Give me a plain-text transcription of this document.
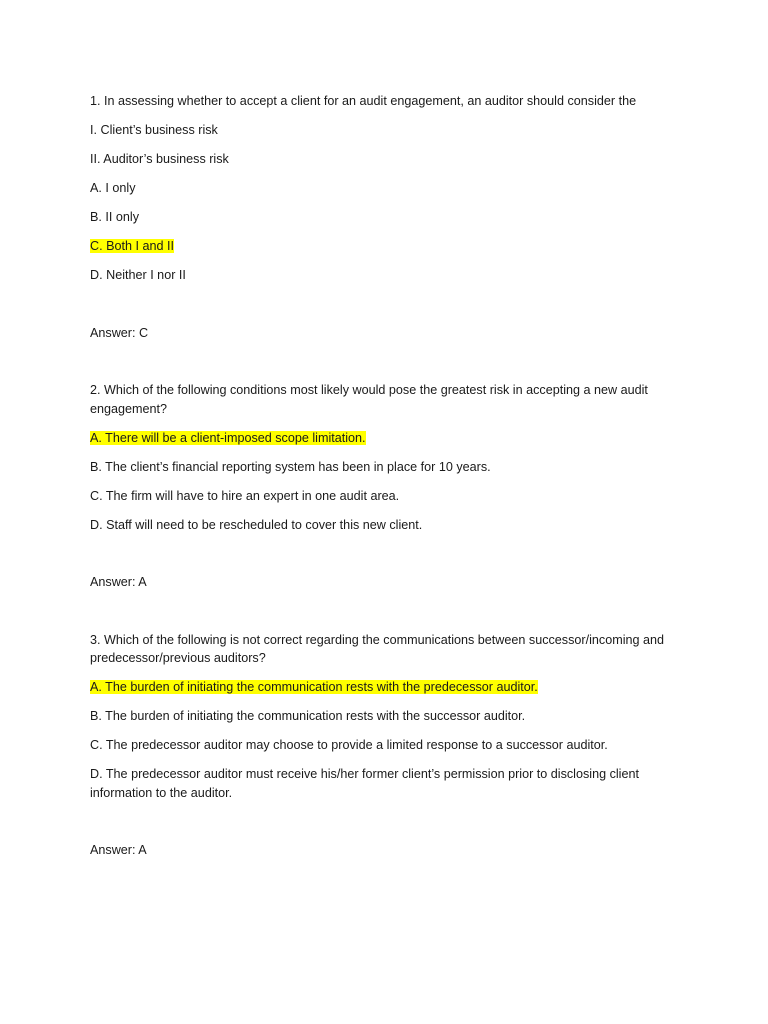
1. In assessing whether to accept a client for an audit engagement, an auditor should consider the

I. Client’s business risk

II. Auditor’s business risk

A. I only

B. II only

C. Both I and II

D. Neither I nor II

Answer: C

2. Which of the following conditions most likely would pose the greatest risk in accepting a new audit engagement?

A. There will be a client-imposed scope limitation.

B. The client’s financial reporting system has been in place for 10 years.

C. The firm will have to hire an expert in one audit area.

D. Staff will need to be rescheduled to cover this new client.

Answer: A

3. Which of the following is not correct regarding the communications between successor/incoming and predecessor/previous auditors?

A. The burden of initiating the communication rests with the predecessor auditor.

B. The burden of initiating the communication rests with the successor auditor.

C. The predecessor auditor may choose to provide a limited response to a successor auditor.

D. The predecessor auditor must receive his/her former client’s permission prior to disclosing client information to the auditor.

Answer: A
